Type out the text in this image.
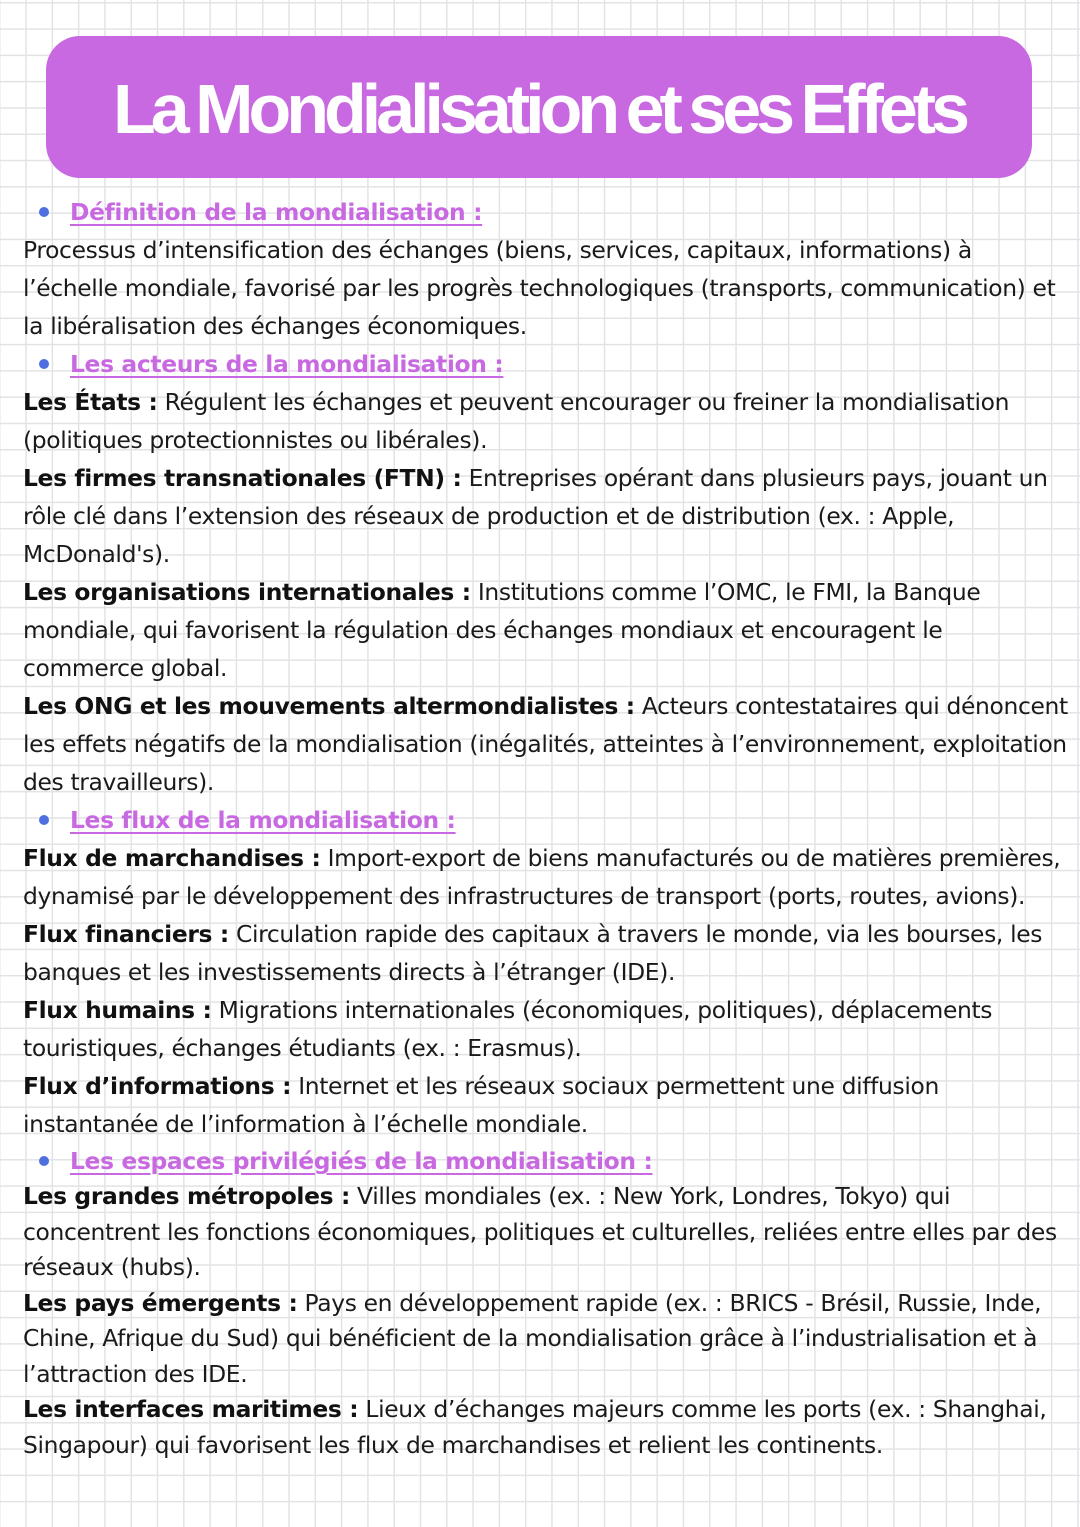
La Mondialisation et ses Effets
Définition de la mondialisation :

Processus d’intensification des échanges (biens, services, capitaux, informations) à l’échelle mondiale, favorisé par les progrès technologiques (transports, communication) et la libéralisation des échanges économiques.

Les acteurs de la mondialisation :

Les États : Régulent les échanges et peuvent encourager ou freiner la mondialisation (politiques protectionnistes ou libérales).

Les firmes transnationales (FTN) : Entreprises opérant dans plusieurs pays, jouant un rôle clé dans l’extension des réseaux de production et de distribution (ex. : Apple, McDonald's).

Les organisations internationales : Institutions comme l’OMC, le FMI, la Banque mondiale, qui favorisent la régulation des échanges mondiaux et encouragent le commerce global.

Les ONG et les mouvements altermondialistes : Acteurs contestataires qui dénoncent les effets négatifs de la mondialisation (inégalités, atteintes à l’environnement, exploitation des travailleurs).

Les flux de la mondialisation :

Flux de marchandises : Import-export de biens manufacturés ou de matières premières, dynamisé par le développement des infrastructures de transport (ports, routes, avions).

Flux financiers : Circulation rapide des capitaux à travers le monde, via les bourses, les banques et les investissements directs à l’étranger (IDE).

Flux humains : Migrations internationales (économiques, politiques), déplacements touristiques, échanges étudiants (ex. : Erasmus).

Flux d’informations : Internet et les réseaux sociaux permettent une diffusion instantanée de l’information à l’échelle mondiale.

Les espaces privilégiés de la mondialisation :

Les grandes métropoles : Villes mondiales (ex. : New York, Londres, Tokyo) qui concentrent les fonctions économiques, politiques et culturelles, reliées entre elles par des réseaux (hubs).

Les pays émergents : Pays en développement rapide (ex. : BRICS - Brésil, Russie, Inde, Chine, Afrique du Sud) qui bénéficient de la mondialisation grâce à l’industrialisation et à l’attraction des IDE.

Les interfaces maritimes : Lieux d’échanges majeurs comme les ports (ex. : Shanghai, Singapour) qui favorisent les flux de marchandises et relient les continents.
